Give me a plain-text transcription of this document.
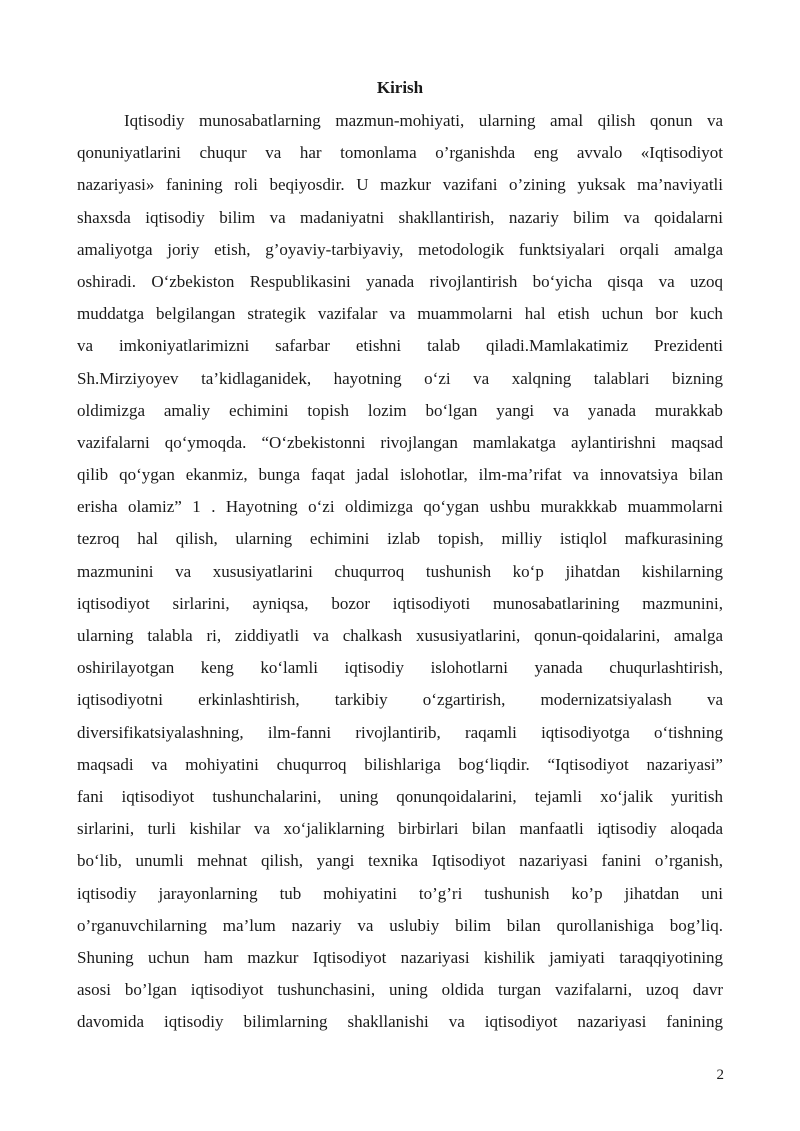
Kirish
Iqtisodiy munosabatlarning mazmun-mohiyati, ularning amal qilish qonun va
qonuniyatlarini chuqur va har tomonlama o’rganishda eng avvalo «Iqtisodiyot
nazariyasi» fanining roli beqiyosdir. U mazkur vazifani o’zining yuksak ma’naviyatli
shaxsda iqtisodiy bilim va madaniyatni shakllantirish, nazariy bilim va qoidalarni
amaliyotga joriy etish, g’oyaviy-tarbiyaviy, metodologik funktsiyalari orqali amalga
oshiradi. O‘zbekiston Respublikasini yanada rivojlantirish bo‘yicha qisqa va uzoq
muddatga belgilangan strategik vazifalar va muammolarni hal etish uchun bor kuch
va imkoniyatlarimizni safarbar etishni talab qiladi.Mamlakatimiz Prezidenti
Sh.Mirziyoyev ta’kidlaganidek, hayotning o‘zi va xalqning talablari bizning
oldimizga amaliy echimini topish lozim bo‘lgan yangi va yanada murakkab
vazifalarni qo‘ymoqda. “O‘zbekistonni rivojlangan mamlakatga aylantirishni maqsad
qilib qo‘ygan ekanmiz, bunga faqat jadal islohotlar, ilm-ma’rifat va innovatsiya bilan
erisha olamiz” 1 . Hayotning o‘zi oldimizga qo‘ygan ushbu murakkkab muammolarni
tezroq hal qilish, ularning echimini izlab topish, milliy istiqlol mafkurasining
mazmunini va xususiyatlarini chuqurroq tushunish ko‘p jihatdan kishilarning
iqtisodiyot sirlarini, ayniqsa, bozor iqtisodiyoti munosabatlarining mazmunini,
ularning talabla ri, ziddiyatli va chalkash xususiyatlarini, qonun-qoidalarini, amalga
oshirilayotgan keng ko‘lamli iqtisodiy islohotlarni yanada chuqurlashtirish,
iqtisodiyotni erkinlashtirish, tarkibiy o‘zgartirish, modernizatsiyalash va
diversifikatsiyalashning, ilm-fanni rivojlantirib, raqamli iqtisodiyotga o‘tishning
maqsadi va mohiyatini chuqurroq bilishlariga bog‘liqdir. “Iqtisodiyot nazariyasi”
fani iqtisodiyot tushunchalarini, uning qonunqoidalarini, tejamli xo‘jalik yuritish
sirlarini, turli kishilar va xo‘jaliklarning birbirlari bilan manfaatli iqtisodiy aloqada
bo‘lib, unumli mehnat qilish, yangi texnika Iqtisodiyot nazariyasi fanini o’rganish,
iqtisodiy jarayonlarning tub mohiyatini to’g’ri tushunish ko’p jihatdan uni
o’rganuvchilarning ma’lum nazariy va uslubiy bilim bilan qurollanishiga bog’liq.
Shuning uchun ham mazkur Iqtisodiyot nazariyasi kishilik jamiyati taraqqiyotining
asosi bo’lgan iqtisodiyot tushunchasini, uning oldida turgan vazifalarni, uzoq davr
davomida iqtisodiy bilimlarning shakllanishi va iqtisodiyot nazariyasi fanining
2
